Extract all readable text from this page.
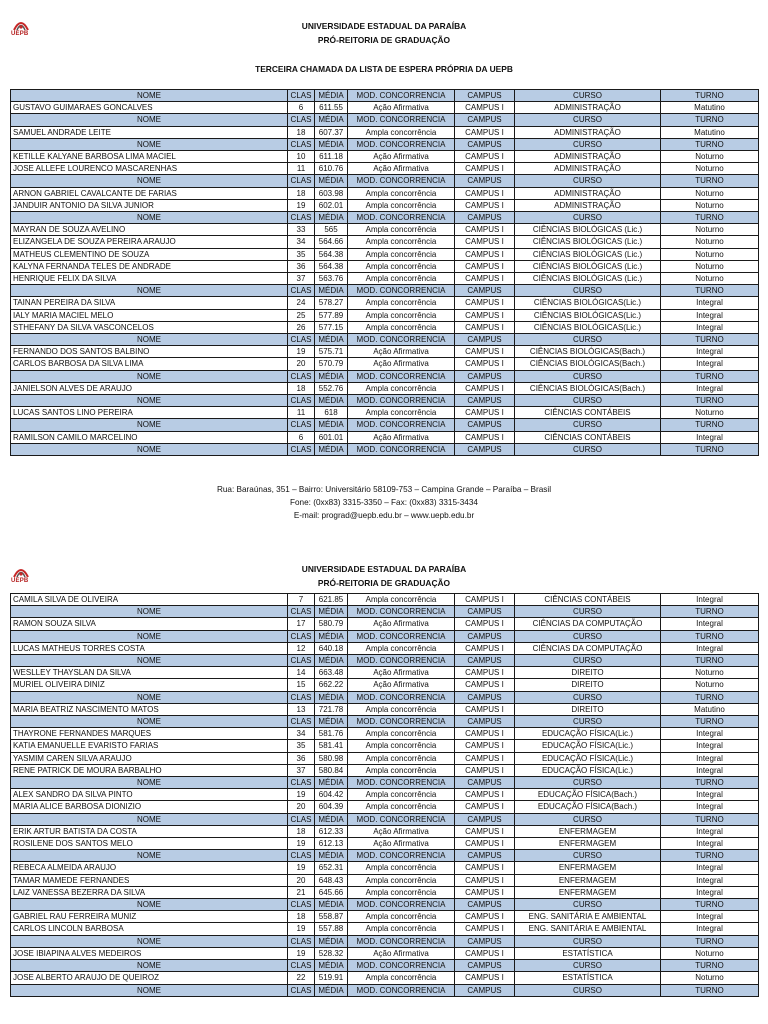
UEPB
UNIVERSIDADE ESTADUAL DA PARAÍBA
PRÓ-REITORIA DE GRADUAÇÃO
TERCEIRA CHAMADA DA LISTA DE ESPERA PRÓPRIA DA UEPB
NOME	CLAS	MÉDIA	MOD. CONCORRENCIA	CAMPUS	CURSO	TURNO
GUSTAVO GUIMARAES GONCALVES	6	611.55	Ação Afirmativa	CAMPUS I	ADMINISTRAÇÃO	Matutino
NOME	CLAS	MÉDIA	MOD. CONCORRENCIA	CAMPUS	CURSO	TURNO
SAMUEL ANDRADE LEITE	18	607.37	Ampla concorrência	CAMPUS I	ADMINISTRAÇÃO	Matutino
NOME	CLAS	MÉDIA	MOD. CONCORRENCIA	CAMPUS	CURSO	TURNO
KETILLE KALYANE BARBOSA LIMA MACIEL	10	611.18	Ação Afirmativa	CAMPUS I	ADMINISTRAÇÃO	Noturno
JOSE ALLEFE LOURENCO MASCARENHAS	11	610.76	Ação Afirmativa	CAMPUS I	ADMINISTRAÇÃO	Noturno
NOME	CLAS	MÉDIA	MOD. CONCORRENCIA	CAMPUS	CURSO	TURNO
ARNON GABRIEL CAVALCANTE DE FARIAS	18	603.98	Ampla concorrência	CAMPUS I	ADMINISTRAÇÃO	Noturno
JANDUIR ANTONIO DA SILVA JUNIOR	19	602.01	Ampla concorrência	CAMPUS I	ADMINISTRAÇÃO	Noturno
NOME	CLAS	MÉDIA	MOD. CONCORRENCIA	CAMPUS	CURSO	TURNO
MAYRAN DE SOUZA AVELINO	33	565	Ampla concorrência	CAMPUS I	CIÊNCIAS BIOLÓGICAS (Lic.)	Noturno
ELIZANGELA DE SOUZA PEREIRA ARAUJO	34	564.66	Ampla concorrência	CAMPUS I	CIÊNCIAS BIOLÓGICAS (Lic.)	Noturno
MATHEUS CLEMENTINO DE SOUZA	35	564.38	Ampla concorrência	CAMPUS I	CIÊNCIAS BIOLÓGICAS (Lic.)	Noturno
KALYNA FERNANDA TELES DE ANDRADE	36	564.38	Ampla concorrência	CAMPUS I	CIÊNCIAS BIOLÓGICAS (Lic.)	Noturno
HENRIQUE FELIX DA SILVA	37	563.76	Ampla concorrência	CAMPUS I	CIÊNCIAS BIOLÓGICAS (Lic.)	Noturno
NOME	CLAS	MÉDIA	MOD. CONCORRENCIA	CAMPUS	CURSO	TURNO
TAINAN PEREIRA DA SILVA	24	578.27	Ampla concorrência	CAMPUS I	CIÊNCIAS BIOLÓGICAS(Lic.)	Integral
IALY MARIA MACIEL MELO	25	577.89	Ampla concorrência	CAMPUS I	CIÊNCIAS BIOLÓGICAS(Lic.)	Integral
STHEFANY DA SILVA VASCONCELOS	26	577.15	Ampla concorrência	CAMPUS I	CIÊNCIAS BIOLÓGICAS(Lic.)	Integral
NOME	CLAS	MÉDIA	MOD. CONCORRENCIA	CAMPUS	CURSO	TURNO
FERNANDO DOS SANTOS BALBINO	19	575.71	Ação Afirmativa	CAMPUS I	CIÊNCIAS BIOLÓGICAS(Bach.)	Integral
CARLOS BARBOSA DA SILVA LIMA	20	570.79	Ação Afirmativa	CAMPUS I	CIÊNCIAS BIOLÓGICAS(Bach.)	Integral
NOME	CLAS	MÉDIA	MOD. CONCORRENCIA	CAMPUS	CURSO	TURNO
JANIELSON ALVES DE ARAUJO	18	552.76	Ampla concorrência	CAMPUS I	CIÊNCIAS BIOLÓGICAS(Bach.)	Integral
NOME	CLAS	MÉDIA	MOD. CONCORRENCIA	CAMPUS	CURSO	TURNO
LUCAS SANTOS LINO PEREIRA	11	618	Ampla concorrência	CAMPUS I	CIÊNCIAS CONTÁBEIS	Noturno
NOME	CLAS	MÉDIA	MOD. CONCORRENCIA	CAMPUS	CURSO	TURNO
RAMILSON CAMILO MARCELINO	6	601.01	Ação Afirmativa	CAMPUS I	CIÊNCIAS CONTÁBEIS	Integral
NOME	CLAS	MÉDIA	MOD. CONCORRENCIA	CAMPUS	CURSO	TURNO
Rua: Baraúnas, 351 – Bairro: Universitário 58109-753 – Campina Grande – Paraíba – Brasil
Fone: (0xx83) 3315-3350 – Fax: (0xx83) 3315-3434
E-mail: prograd@uepb.edu.br – www.uepb.edu.br
UEPB
UNIVERSIDADE ESTADUAL DA PARAÍBA
PRÓ-REITORIA DE GRADUAÇÃO
CAMILA SILVA DE OLIVEIRA	7	621.85	Ampla concorrência	CAMPUS I	CIÊNCIAS CONTÁBEIS	Integral
NOME	CLAS	MÉDIA	MOD. CONCORRENCIA	CAMPUS	CURSO	TURNO
RAMON SOUZA SILVA	17	580.79	Ação Afirmativa	CAMPUS I	CIÊNCIAS DA COMPUTAÇÃO	Integral
NOME	CLAS	MÉDIA	MOD. CONCORRENCIA	CAMPUS	CURSO	TURNO
LUCAS MATHEUS TORRES COSTA	12	640.18	Ampla concorrência	CAMPUS I	CIÊNCIAS DA COMPUTAÇÃO	Integral
NOME	CLAS	MÉDIA	MOD. CONCORRENCIA	CAMPUS	CURSO	TURNO
WESLLEY THAYSLAN DA SILVA	14	663.48	Ação Afirmativa	CAMPUS I	DIREITO	Noturno
MURIEL OLIVEIRA DINIZ	15	662.22	Ação Afirmativa	CAMPUS I	DIREITO	Noturno
NOME	CLAS	MÉDIA	MOD. CONCORRENCIA	CAMPUS	CURSO	TURNO
MARIA BEATRIZ NASCIMENTO MATOS	13	721.78	Ampla concorrência	CAMPUS I	DIREITO	Matutino
NOME	CLAS	MÉDIA	MOD. CONCORRENCIA	CAMPUS	CURSO	TURNO
THAYRONE FERNANDES MARQUES	34	581.76	Ampla concorrência	CAMPUS I	EDUCAÇÃO FÍSICA(Lic.)	Integral
KATIA EMANUELLE EVARISTO FARIAS	35	581.41	Ampla concorrência	CAMPUS I	EDUCAÇÃO FÍSICA(Lic.)	Integral
YASMIM CAREN SILVA ARAUJO	36	580.98	Ampla concorrência	CAMPUS I	EDUCAÇÃO FÍSICA(Lic.)	Integral
RENE PATRICK DE MOURA BARBALHO	37	580.84	Ampla concorrência	CAMPUS I	EDUCAÇÃO FÍSICA(Lic.)	Integral
NOME	CLAS	MÉDIA	MOD. CONCORRENCIA	CAMPUS	CURSO	TURNO
ALEX SANDRO DA SILVA PINTO	19	604.42	Ampla concorrência	CAMPUS I	EDUCAÇÃO FÍSICA(Bach.)	Integral
MARIA ALICE BARBOSA DIONIZIO	20	604.39	Ampla concorrência	CAMPUS I	EDUCAÇÃO FÍSICA(Bach.)	Integral
NOME	CLAS	MÉDIA	MOD. CONCORRENCIA	CAMPUS	CURSO	TURNO
ERIK ARTUR BATISTA DA COSTA	18	612.33	Ação Afirmativa	CAMPUS I	ENFERMAGEM	Integral
ROSILENE DOS SANTOS MELO	19	612.13	Ação Afirmativa	CAMPUS I	ENFERMAGEM	Integral
NOME	CLAS	MÉDIA	MOD. CONCORRENCIA	CAMPUS	CURSO	TURNO
REBECA ALMEIDA ARAUJO	19	652.31	Ampla concorrência	CAMPUS I	ENFERMAGEM	Integral
TAMAR MAMEDE FERNANDES	20	648.43	Ampla concorrência	CAMPUS I	ENFERMAGEM	Integral
LAIZ VANESSA BEZERRA DA SILVA	21	645.66	Ampla concorrência	CAMPUS I	ENFERMAGEM	Integral
NOME	CLAS	MÉDIA	MOD. CONCORRENCIA	CAMPUS	CURSO	TURNO
GABRIEL RAU FERREIRA MUNIZ	18	558.87	Ampla concorrência	CAMPUS I	ENG. SANITÁRIA E AMBIENTAL	Integral
CARLOS LINCOLN BARBOSA	19	557.88	Ampla concorrência	CAMPUS I	ENG. SANITÁRIA E AMBIENTAL	Integral
NOME	CLAS	MÉDIA	MOD. CONCORRENCIA	CAMPUS	CURSO	TURNO
JOSE IBIAPINA ALVES MEDEIROS	19	528.32	Ação Afirmativa	CAMPUS I	ESTATÍSTICA	Noturno
NOME	CLAS	MÉDIA	MOD. CONCORRENCIA	CAMPUS	CURSO	TURNO
JOSE ALBERTO ARAUJO DE QUEIROZ	22	519.91	Ampla concorrência	CAMPUS I	ESTATÍSTICA	Noturno
NOME	CLAS	MÉDIA	MOD. CONCORRENCIA	CAMPUS	CURSO	TURNO
